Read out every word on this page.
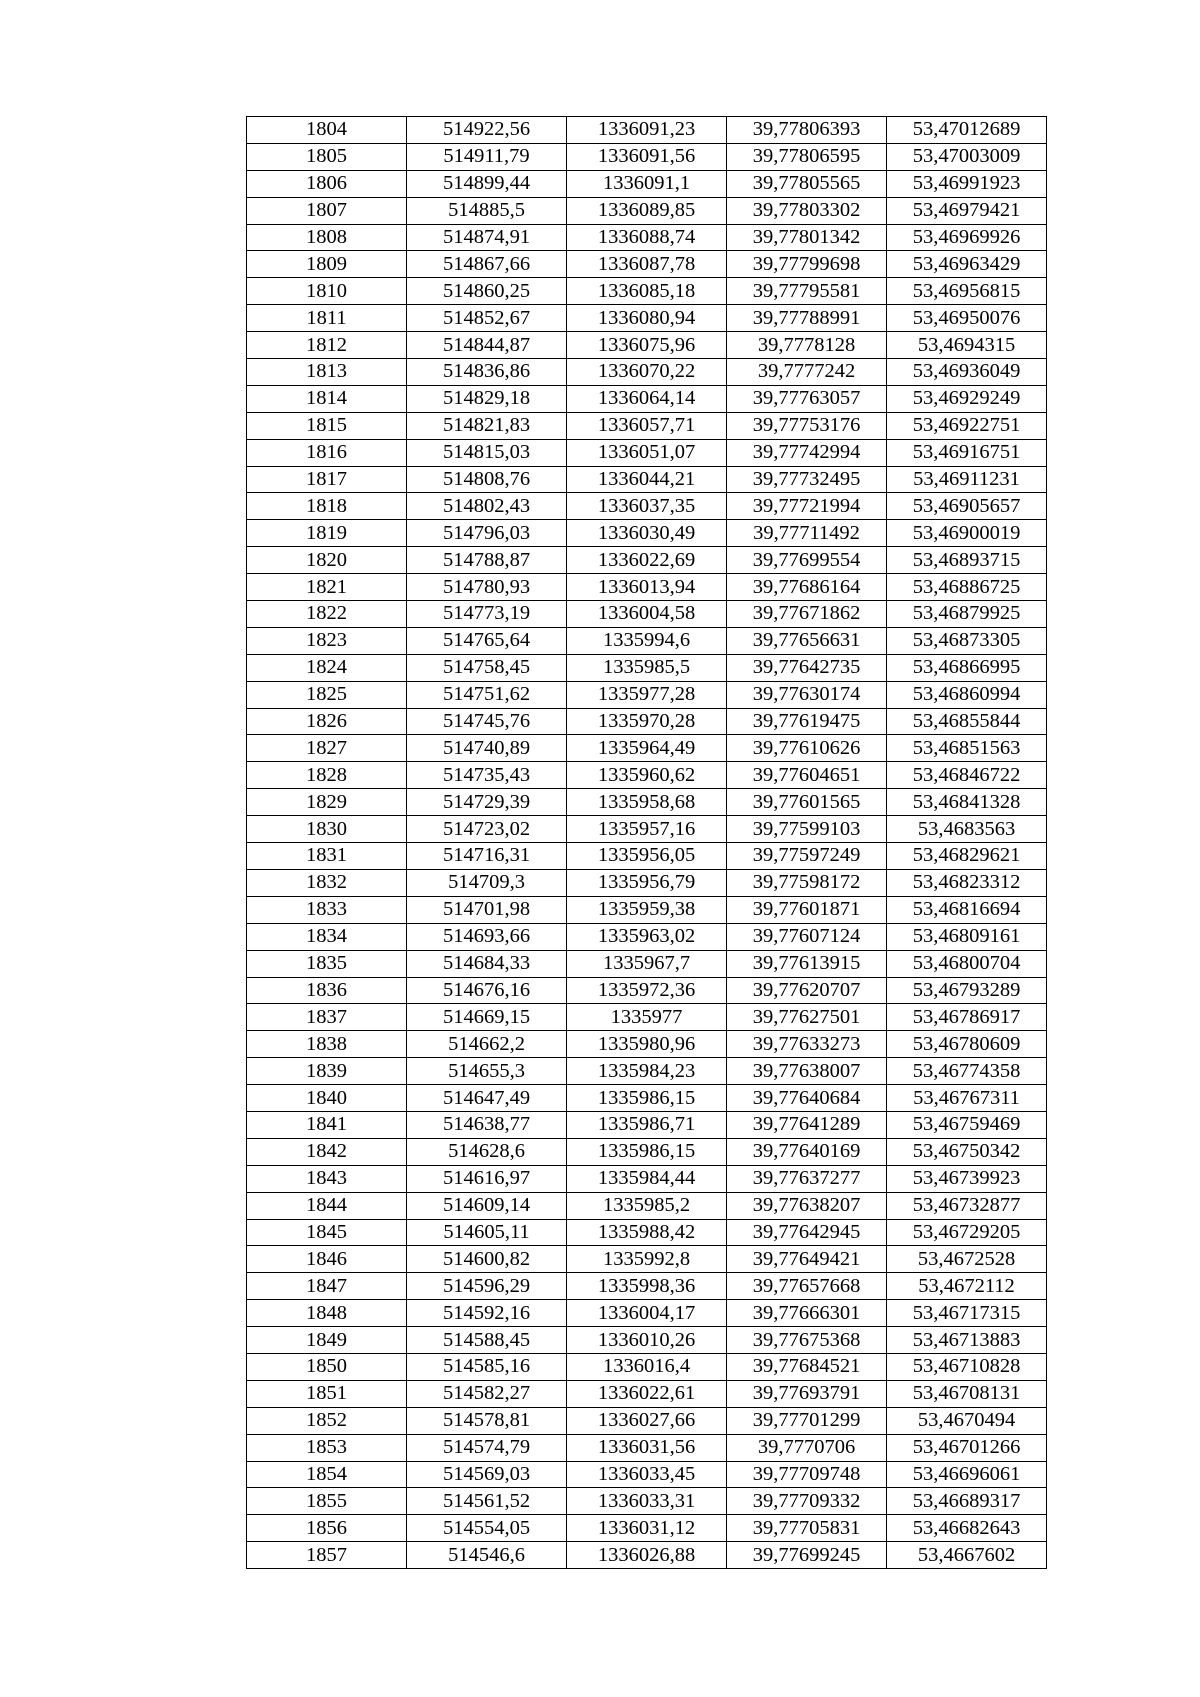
1804	514922,56	1336091,23	39,77806393	53,47012689
1805	514911,79	1336091,56	39,77806595	53,47003009
1806	514899,44	1336091,1	39,77805565	53,46991923
1807	514885,5	1336089,85	39,77803302	53,46979421
1808	514874,91	1336088,74	39,77801342	53,46969926
1809	514867,66	1336087,78	39,77799698	53,46963429
1810	514860,25	1336085,18	39,77795581	53,46956815
1811	514852,67	1336080,94	39,77788991	53,46950076
1812	514844,87	1336075,96	39,7778128	53,4694315
1813	514836,86	1336070,22	39,7777242	53,46936049
1814	514829,18	1336064,14	39,77763057	53,46929249
1815	514821,83	1336057,71	39,77753176	53,46922751
1816	514815,03	1336051,07	39,77742994	53,46916751
1817	514808,76	1336044,21	39,77732495	53,46911231
1818	514802,43	1336037,35	39,77721994	53,46905657
1819	514796,03	1336030,49	39,77711492	53,46900019
1820	514788,87	1336022,69	39,77699554	53,46893715
1821	514780,93	1336013,94	39,77686164	53,46886725
1822	514773,19	1336004,58	39,77671862	53,46879925
1823	514765,64	1335994,6	39,77656631	53,46873305
1824	514758,45	1335985,5	39,77642735	53,46866995
1825	514751,62	1335977,28	39,77630174	53,46860994
1826	514745,76	1335970,28	39,77619475	53,46855844
1827	514740,89	1335964,49	39,77610626	53,46851563
1828	514735,43	1335960,62	39,77604651	53,46846722
1829	514729,39	1335958,68	39,77601565	53,46841328
1830	514723,02	1335957,16	39,77599103	53,4683563
1831	514716,31	1335956,05	39,77597249	53,46829621
1832	514709,3	1335956,79	39,77598172	53,46823312
1833	514701,98	1335959,38	39,77601871	53,46816694
1834	514693,66	1335963,02	39,77607124	53,46809161
1835	514684,33	1335967,7	39,77613915	53,46800704
1836	514676,16	1335972,36	39,77620707	53,46793289
1837	514669,15	1335977	39,77627501	53,46786917
1838	514662,2	1335980,96	39,77633273	53,46780609
1839	514655,3	1335984,23	39,77638007	53,46774358
1840	514647,49	1335986,15	39,77640684	53,46767311
1841	514638,77	1335986,71	39,77641289	53,46759469
1842	514628,6	1335986,15	39,77640169	53,46750342
1843	514616,97	1335984,44	39,77637277	53,46739923
1844	514609,14	1335985,2	39,77638207	53,46732877
1845	514605,11	1335988,42	39,77642945	53,46729205
1846	514600,82	1335992,8	39,77649421	53,4672528
1847	514596,29	1335998,36	39,77657668	53,4672112
1848	514592,16	1336004,17	39,77666301	53,46717315
1849	514588,45	1336010,26	39,77675368	53,46713883
1850	514585,16	1336016,4	39,77684521	53,46710828
1851	514582,27	1336022,61	39,77693791	53,46708131
1852	514578,81	1336027,66	39,77701299	53,4670494
1853	514574,79	1336031,56	39,7770706	53,46701266
1854	514569,03	1336033,45	39,77709748	53,46696061
1855	514561,52	1336033,31	39,77709332	53,46689317
1856	514554,05	1336031,12	39,77705831	53,46682643
1857	514546,6	1336026,88	39,77699245	53,4667602
